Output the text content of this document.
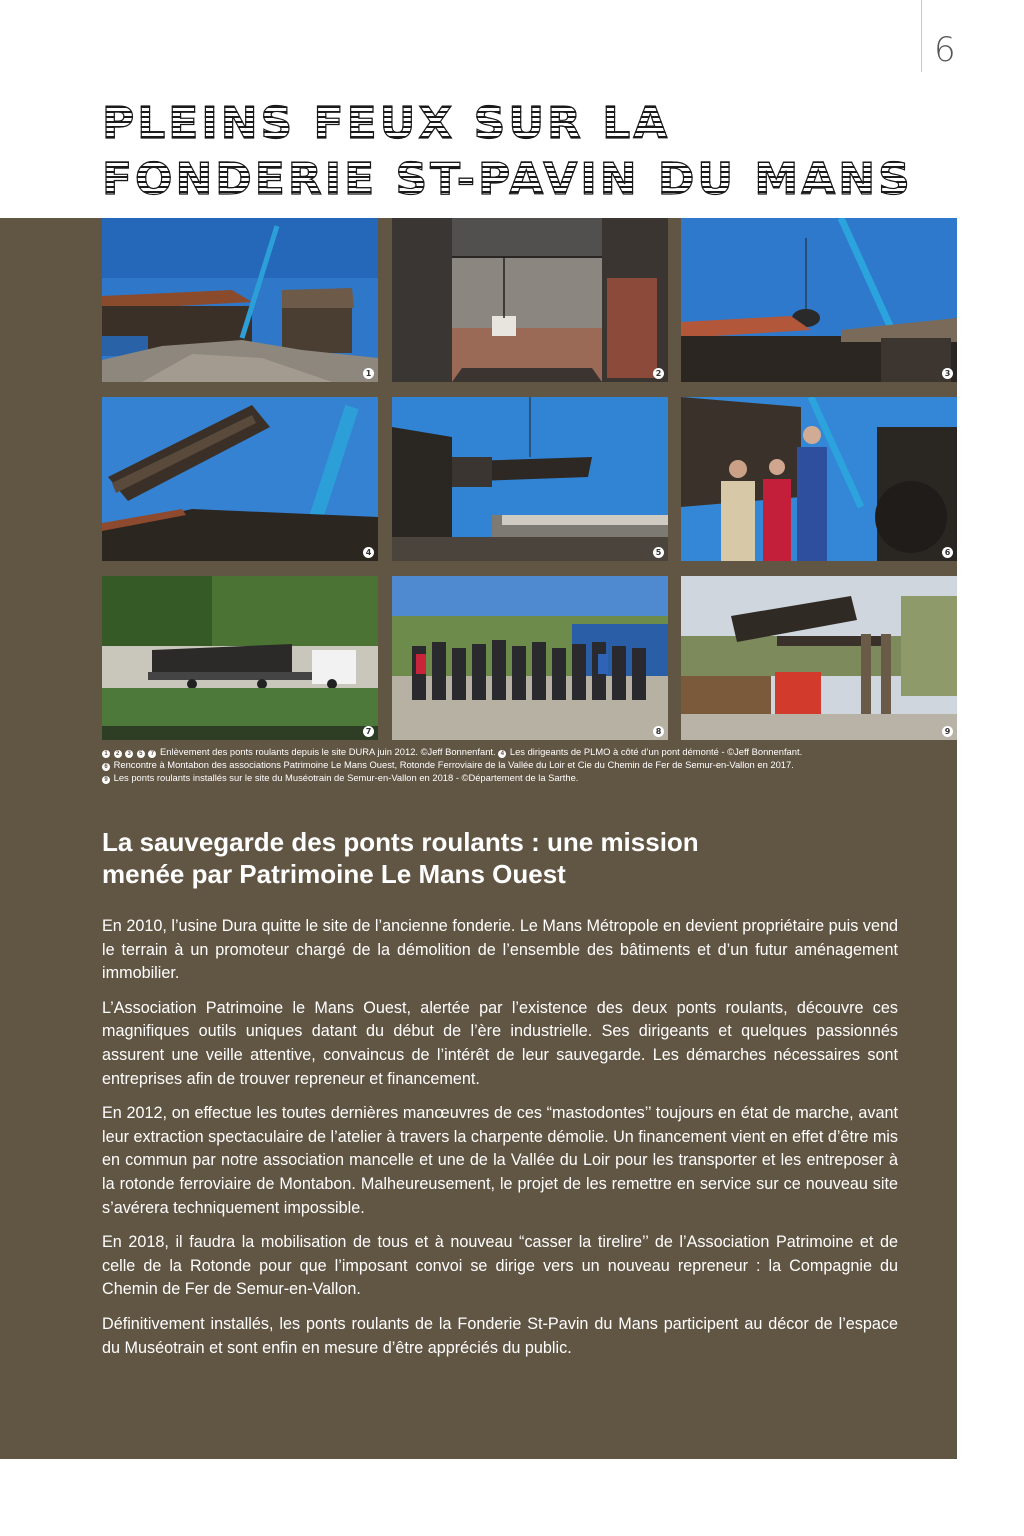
6
PLEINS FEUX SUR LA
FONDERIE ST-PAVIN DU MANS
1	2	3
4	5	6
7	8	9

1 2 3 5 7 Enlèvement des ponts roulants depuis le site DURA juin 2012. ©Jeff Bonnenfant. 4 Les dirigeants de PLMO à côté d’un pont démonté - ©Jeff Bonnenfant.

6 Rencontre à Montabon des associations Patrimoine Le Mans Ouest, Rotonde Ferroviaire de la Vallée du Loir et Cie du Chemin de Fer de Semur-en-Vallon en 2017.

9 Les ponts roulants installés sur le site du Muséotrain de Semur-en-Vallon en 2018 - ©Département de la Sarthe.

La sauvegarde des ponts roulants : une mission
menée par Patrimoine Le Mans Ouest

En 2010, l’usine Dura quitte le site de l’ancienne fonderie. Le Mans Métropole en devient propriétaire puis vend le terrain à un promoteur chargé de la démolition de l’ensemble des bâtiments et d’un futur aménagement immobilier.

L’Association Patrimoine le Mans Ouest, alertée par l’existence des deux ponts roulants, découvre ces magnifiques outils uniques datant du début de l’ère industrielle. Ses dirigeants et quelques passionnés assurent une veille attentive, convaincus de l’intérêt de leur sauvegarde. Les démarches nécessaires sont entreprises afin de trouver repreneur et financement.

En 2012, on effectue les toutes dernières manœuvres de ces “mastodontes’’ toujours en état de marche, avant leur extraction spectaculaire de l’atelier à travers la charpente démolie. Un financement vient en effet d’être mis en commun par notre association mancelle et une de la Vallée du Loir pour les transporter et les entreposer à la rotonde ferroviaire de Montabon. Malheureusement, le projet de les remettre en service sur ce nouveau site s’avérera techniquement impossible.

En 2018, il faudra la mobilisation de tous et à nouveau “casser la tirelire’’ de l’Association Patrimoine et de celle de la Rotonde pour que l’imposant convoi se dirige vers un nouveau repreneur : la Compagnie du Chemin de Fer de Semur-en-Vallon.

Définitivement installés, les ponts roulants de la Fonderie St-Pavin du Mans participent au décor de l’espace du Muséotrain et sont enfin en mesure d’être appréciés du public.
